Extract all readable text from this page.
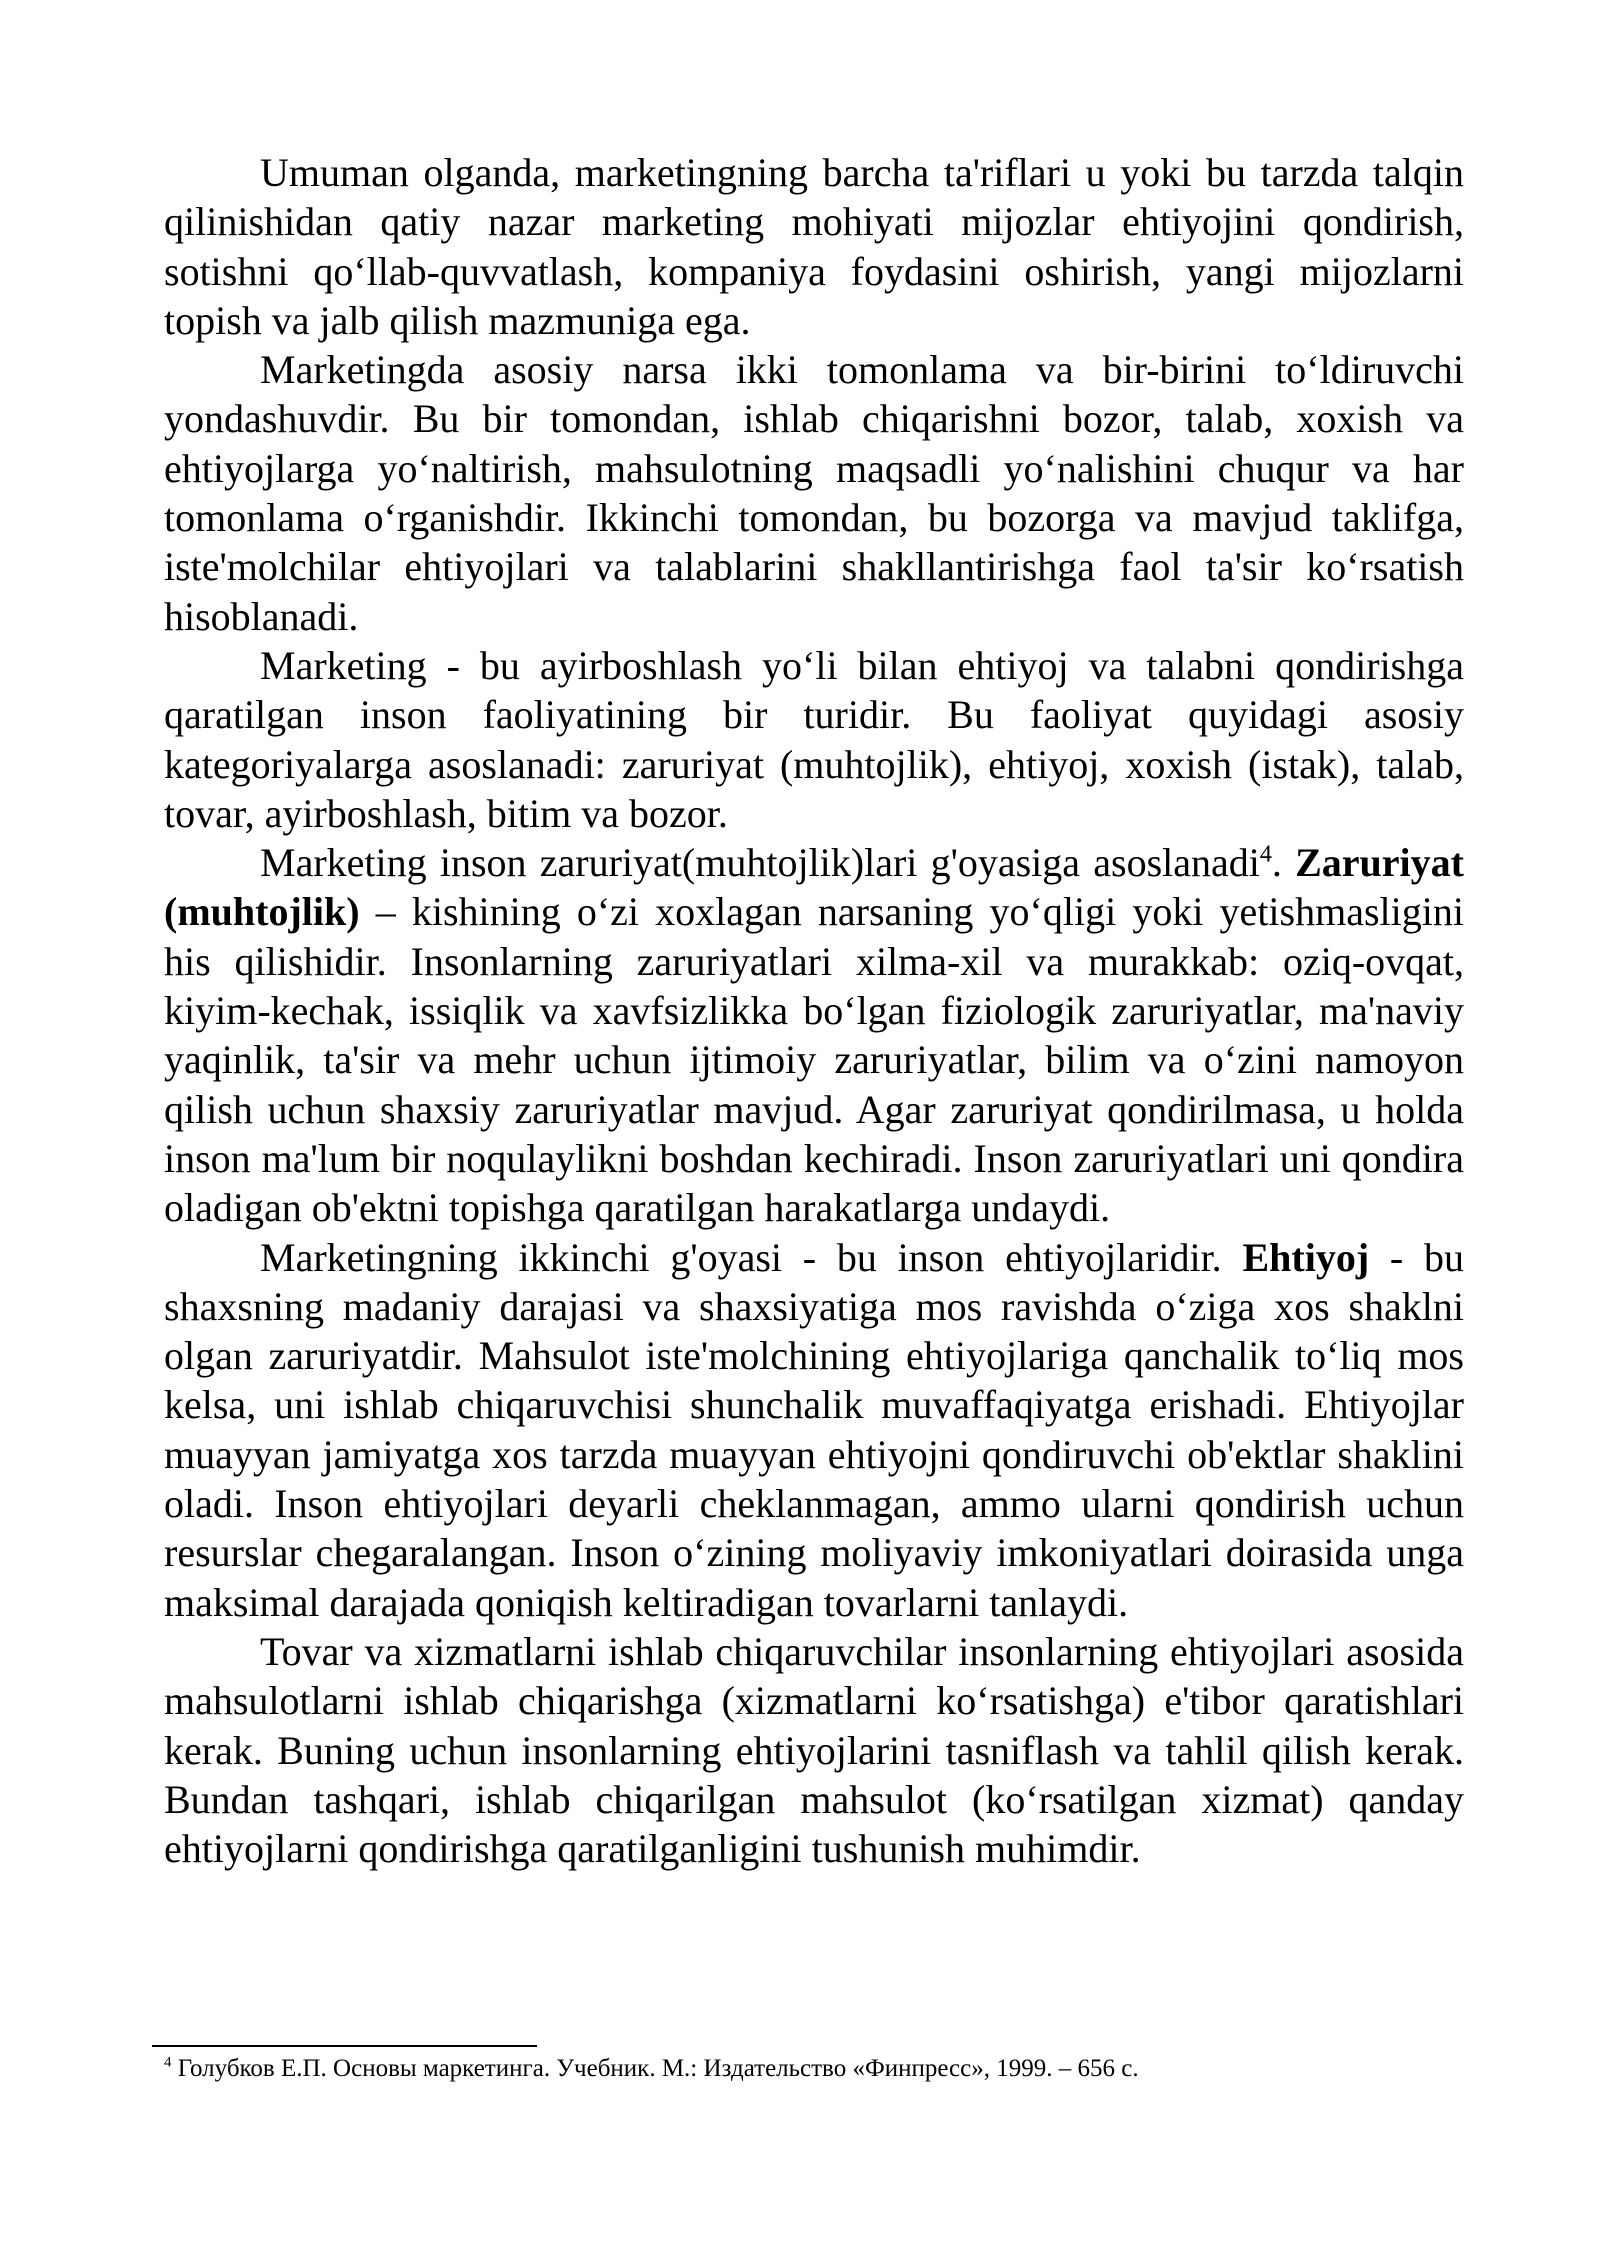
Umuman olganda, marketingning barcha ta'riflari u yoki bu tarzda talqin qilinishidan qatiy nazar marketing mohiyati mijozlar ehtiyojini qondirish, sotishni qo‘llab-quvvatlash, kompaniya foydasini oshirish, yangi mijozlarni topish va jalb qilish mazmuniga ega.

Marketingda asosiy narsa ikki tomonlama va bir-birini to‘ldiruvchi yondashuvdir. Bu bir tomondan, ishlab chiqarishni bozor, talab, xoxish va ehtiyojlarga yo‘naltirish, mahsulotning maqsadli yo‘nalishini chuqur va har tomonlama o‘rganishdir. Ikkinchi tomondan, bu bozorga va mavjud taklifga, iste'molchilar ehtiyojlari va talablarini shakllantirishga faol ta'sir ko‘rsatish hisoblanadi.

Marketing - bu ayirboshlash yo‘li bilan ehtiyoj va talabni qondirishga qaratilgan inson faoliyatining bir turidir. Bu faoliyat quyidagi asosiy kategoriyalarga asoslanadi: zaruriyat (muhtojlik), ehtiyoj, xoxish (istak), talab, tovar, ayirboshlash, bitim va bozor.

Marketing inson zaruriyat(muhtojlik)lari g'oyasiga asoslanadi$^4$. Zaruriyat (muhtojlik) – kishining o‘zi xoxlagan narsaning yo‘qligi yoki yetishmasligini his qilishidir. Insonlarning zaruriyatlari xilma-xil va murakkab: oziq-ovqat, kiyim-kechak, issiqlik va xavfsizlikka bo‘lgan fiziologik zaruriyatlar, ma'naviy yaqinlik, ta'sir va mehr uchun ijtimoiy zaruriyatlar, bilim va o‘zini namoyon qilish uchun shaxsiy zaruriyatlar mavjud. Agar zaruriyat qondirilmasa, u holda inson ma'lum bir noqulaylikni boshdan kechiradi. Inson zaruriyatlari uni qondira oladigan ob'ektni topishga qaratilgan harakatlarga undaydi.

Marketingning ikkinchi g'oyasi - bu inson ehtiyojlaridir. Ehtiyoj - bu shaxsning madaniy darajasi va shaxsiyatiga mos ravishda o‘ziga xos shaklni olgan zaruriyatdir. Mahsulot iste'molchining ehtiyojlariga qanchalik to‘liq mos kelsa, uni ishlab chiqaruvchisi shunchalik muvaffaqiyatga erishadi. Ehtiyojlar muayyan jamiyatga xos tarzda muayyan ehtiyojni qondiruvchi ob'ektlar shaklini oladi. Inson ehtiyojlari deyarli cheklanmagan, ammo ularni qondirish uchun resurslar chegaralangan. Inson o‘zining moliyaviy imkoniyatlari doirasida unga maksimal darajada qoniqish keltiradigan tovarlarni tanlaydi.

Tovar va xizmatlarni ishlab chiqaruvchilar insonlarning ehtiyojlari asosida mahsulotlarni ishlab chiqarishga (xizmatlarni ko‘rsatishga) e'tibor qaratishlari kerak. Buning uchun insonlarning ehtiyojlarini tasniflash va tahlil qilish kerak. Bundan tashqari, ishlab chiqarilgan mahsulot (ko‘rsatilgan xizmat) qanday ehtiyojlarni qondirishga qaratilganligini tushunish muhimdir.

$^4$ Голубков Е.П. Основы маркетинга. Учебник. М.: Издательство «Финпресс», 1999. – 656 с.
